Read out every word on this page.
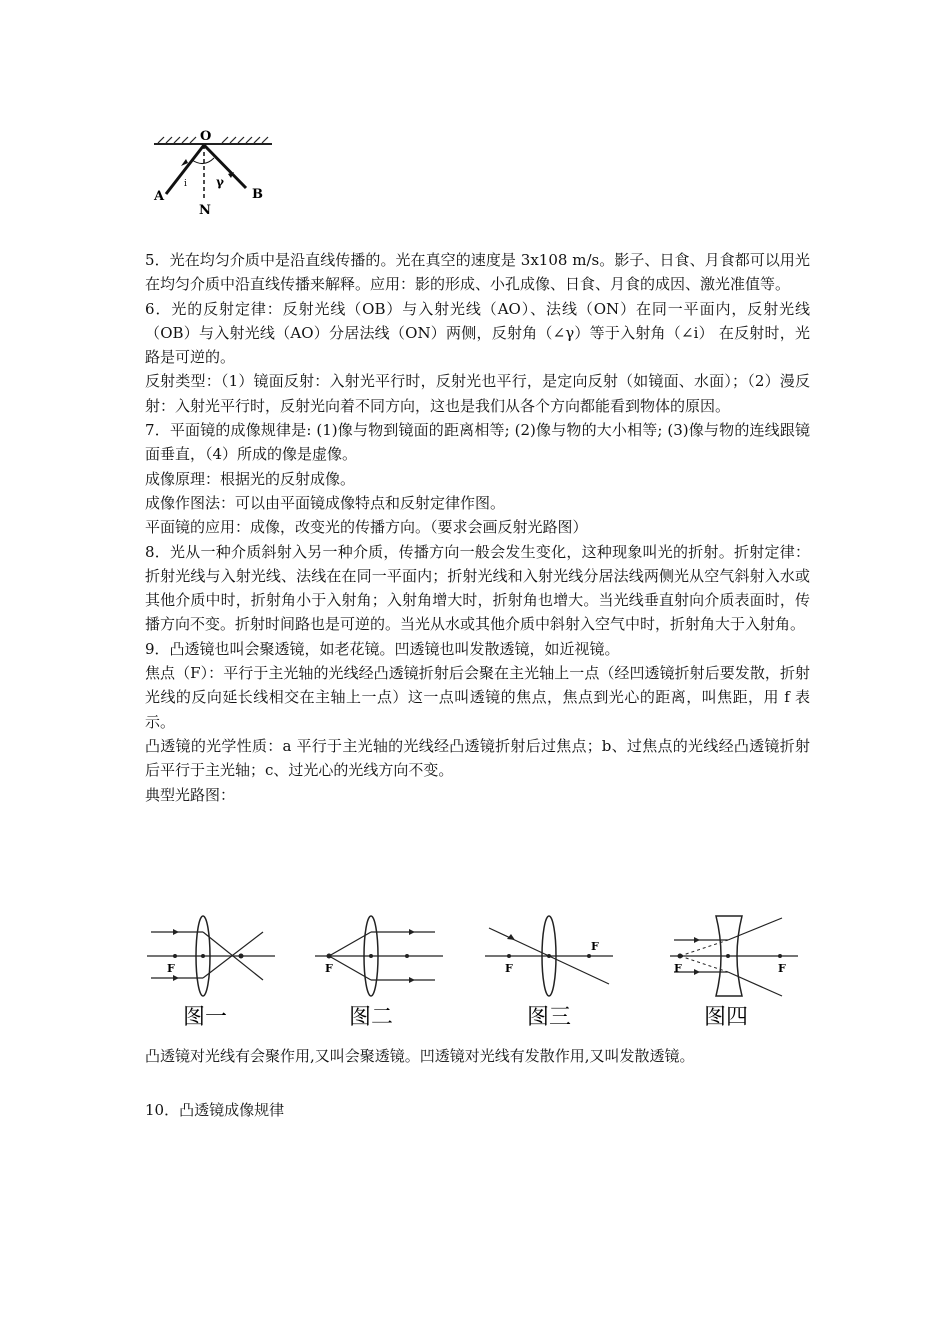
O
A	B
N
γ
i

5．光在均匀介质中是沿直线传播的。光在真空的速度是 3x108 m/s。影子、日食、月食都可以用光在均匀介质中沿直线传播来解释。应用：影的形成、小孔成像、日食、月食的成因、激光准值等。

6．光的反射定律：反射光线（OB）与入射光线（AO）、法线（ON）在同一平面内，反射光线（OB）与入射光线（AO）分居法线（ON）两侧，反射角（∠γ）等于入射角（∠i） 在反射时，光路是可逆的。

反射类型：（1）镜面反射：入射光平行时，反射光也平行，是定向反射（如镜面、水面）；（2）漫反射：入射光平行时，反射光向着不同方向，这也是我们从各个方向都能看到物体的原因。

7．平面镜的成像规律是: (1)像与物到镜面的距离相等; (2)像与物的大小相等; (3)像与物的连线跟镜面垂直，（4）所成的像是虚像。

成像原理：根据光的反射成像。

成像作图法：可以由平面镜成像特点和反射定律作图。

平面镜的应用：成像，改变光的传播方向。（要求会画反射光路图）

8．光从一种介质斜射入另一种介质，传播方向一般会发生变化，这种现象叫光的折射。折射定律：折射光线与入射光线、法线在在同一平面内；折射光线和入射光线分居法线两侧光从空气斜射入水或其他介质中时，折射角小于入射角；入射角增大时，折射角也增大。当光线垂直射向介质表面时，传播方向不变。折射时间路也是可逆的。当光从水或其他介质中斜射入空气中时，折射角大于入射角。

9．凸透镜也叫会聚透镜，如老花镜。凹透镜也叫发散透镜，如近视镜。

焦点（F）：平行于主光轴的光线经凸透镜折射后会聚在主光轴上一点（经凹透镜折射后要发散，折射光线的反向延长线相交在主轴上一点）这一点叫透镜的焦点，焦点到光心的距离，叫焦距，用 f 表示。

凸透镜的光学性质：a 平行于主光轴的光线经凸透镜折射后过焦点；b、过焦点的光线经凸透镜折射后平行于主光轴；c、过光心的光线方向不变。

典型光路图：

F
图一
F
图二
F
F
图三
F	F
图四

凸透镜对光线有会聚作用,又叫会聚透镜。凹透镜对光线有发散作用,又叫发散透镜。

10．凸透镜成像规律
